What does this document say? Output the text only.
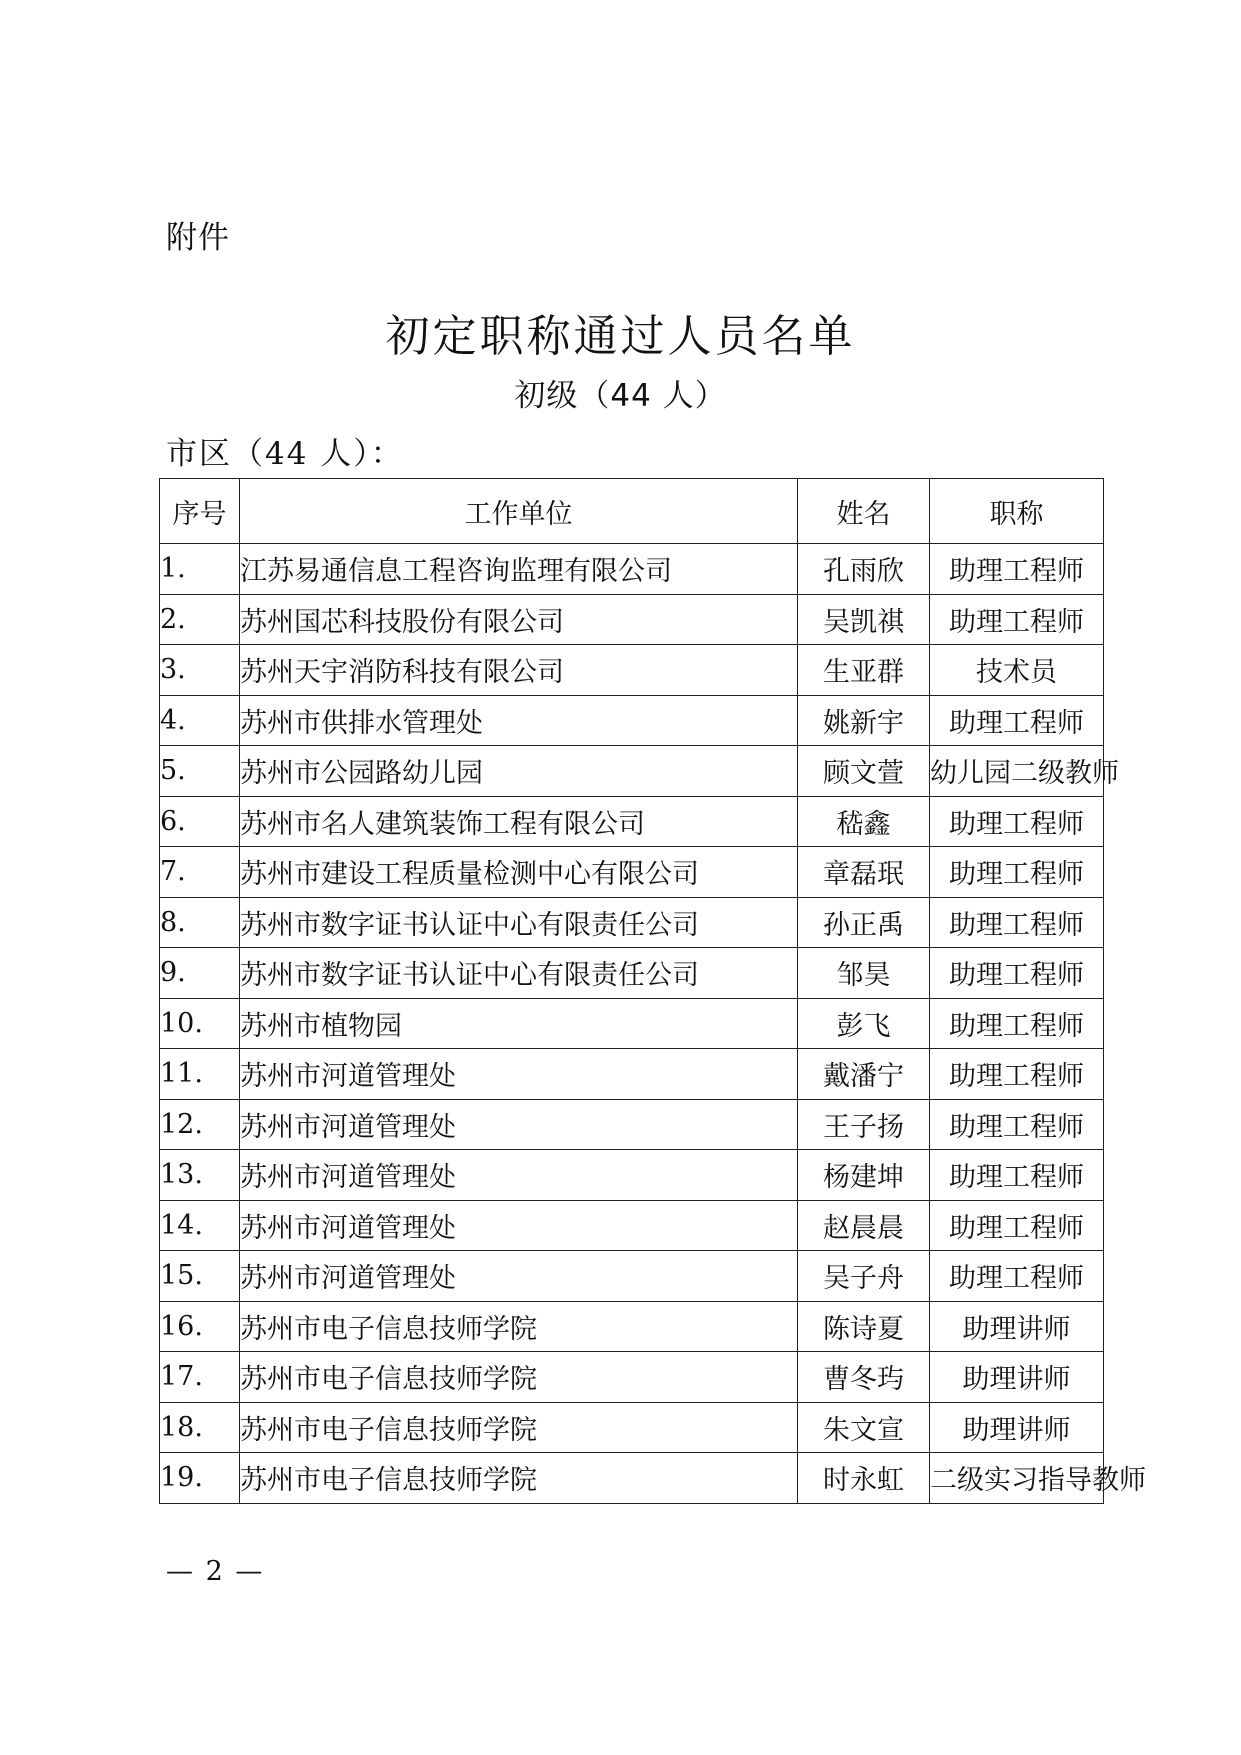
附件
初定职称通过人员名单
初级（44 人）
市区（44 人）：
序号	工作单位	姓名	职称
1.	江苏易通信息工程咨询监理有限公司	孔雨欣	助理工程师
2.	苏州国芯科技股份有限公司	吴凯祺	助理工程师
3.	苏州天宇消防科技有限公司	生亚群	技术员
4.	苏州市供排水管理处	姚新宇	助理工程师
5.	苏州市公园路幼儿园	顾文萱	幼儿园二级教师
6.	苏州市名人建筑装饰工程有限公司	嵇鑫	助理工程师
7.	苏州市建设工程质量检测中心有限公司	章磊珉	助理工程师
8.	苏州市数字证书认证中心有限责任公司	孙正禹	助理工程师
9.	苏州市数字证书认证中心有限责任公司	邹昊	助理工程师
10.	苏州市植物园	彭飞	助理工程师
11.	苏州市河道管理处	戴潘宁	助理工程师
12.	苏州市河道管理处	王子扬	助理工程师
13.	苏州市河道管理处	杨建坤	助理工程师
14.	苏州市河道管理处	赵晨晨	助理工程师
15.	苏州市河道管理处	吴子舟	助理工程师
16.	苏州市电子信息技师学院	陈诗夏	助理讲师
17.	苏州市电子信息技师学院	曹冬玙	助理讲师
18.	苏州市电子信息技师学院	朱文宣	助理讲师
19.	苏州市电子信息技师学院	时永虹	二级实习指导教师
— 2 —
